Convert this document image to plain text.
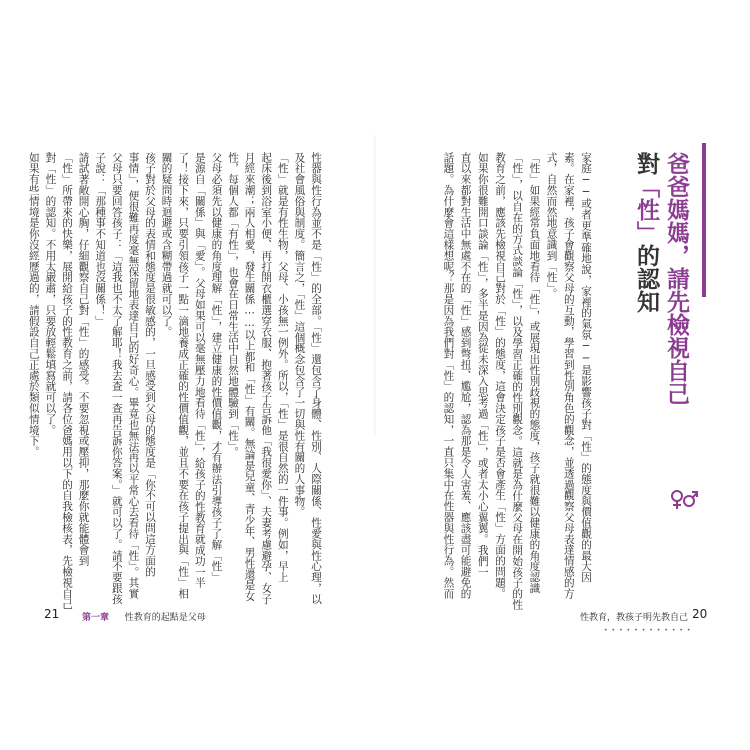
爸爸媽媽，請先檢視自己
對「性」的認知
家庭──或者更準確地說，家裡的氣氛──是影響孩子對「性」的態度與價值觀的最大因
素。在家裡，孩子會觀察父母的互動，學習到性別角色的觀念，並透過觀察父母表達情感的方
式，自然而然地意識到「性」。
「性」如果經常負面地看待「性」，或展現出性別歧視的態度，孩子就很難以健康的角度認識
「性」，以自在的方式談論「性」，以及學習正確的性別觀念。這就是為什麼父母在開始孩子的性
教育之前，應該先檢視自己對於「性」的態度，這會決定孩子是否會產生「性」方面的問題。
如果你很難開口談論「性」，多半是因為從未深入思考過「性」，或者太小心翼翼。我們一
直以來都對生活中無處不在的「性」感到彆扭、尷尬，認為那是令人害羞、應該盡可能避免的
話題。為什麼會這樣想呢？那是因為我們對「性」的認知，一直只集中在性器與性行為。然而
性教育，教孩子明先教自己
••••••••••••
20
性器與性行為並不是「性」的全部。「性」還包含了身體、性別、人際關係、性愛與性心理，以
及社會風俗與制度。簡言之，「性」這個概念包含了一切與性有關的人事物。
「性」就是有性生物，父母、小孩無一例外。所以，「性」是很自然的一件事。例如，早上
起床後到浴室小便、再打開衣櫃選穿衣服、抱著孩子告訴他「我很愛你」、夫妻考慮避孕、女子
月經來潮；兩人相愛，發生關係……以上都和「性」有關。無論是兒童、青少年、男性還是女
性，每個人都「有性」，也會在日常生活中自然地體驗到「性」。
父母必須先以健康的角度理解「性」，建立健康的性價值觀，才有辦法引導孩子了解「性」
是源自「關係」與「愛」。父母如果可以毫無壓力地看待「性」，給孩子的性教育就成功一半
了！接下來，只要引領孩子一點一滴地養成正確的性價值觀，並且不要在孩子提出與「性」相
關的疑問時迴避或含糊帶過就可以了。
孩子對於父母的表情和態度是很敏感的，一旦感受到父母的態度是「你不可以問這方面的
事情」，便很難再度毫無保留地表達自己的好奇心。畢竟也無法再以平常心去看待「性」。其實
父母只要回答孩子：「這我也不太了解耶！我去查一查再告訴你答案。」就可以了。請不要跟孩
子說：「那種事不知道也沒關係！」
請試著敞開心胸，仔細觀察自己對「性」的感受。不要忽視或壓抑，那麼你就能體會到
「性」所帶來的快樂，展開給孩子的性教育之前，請各位爸媽用以下的自我檢核表，先檢視自己
對「性」的認知。不用太嚴肅，只要放輕鬆填寫就可以了。
如果有些情境是你沒經歷過的，請假設自己正處於類似情境下。
21	第一章 性教育的起點是父母
